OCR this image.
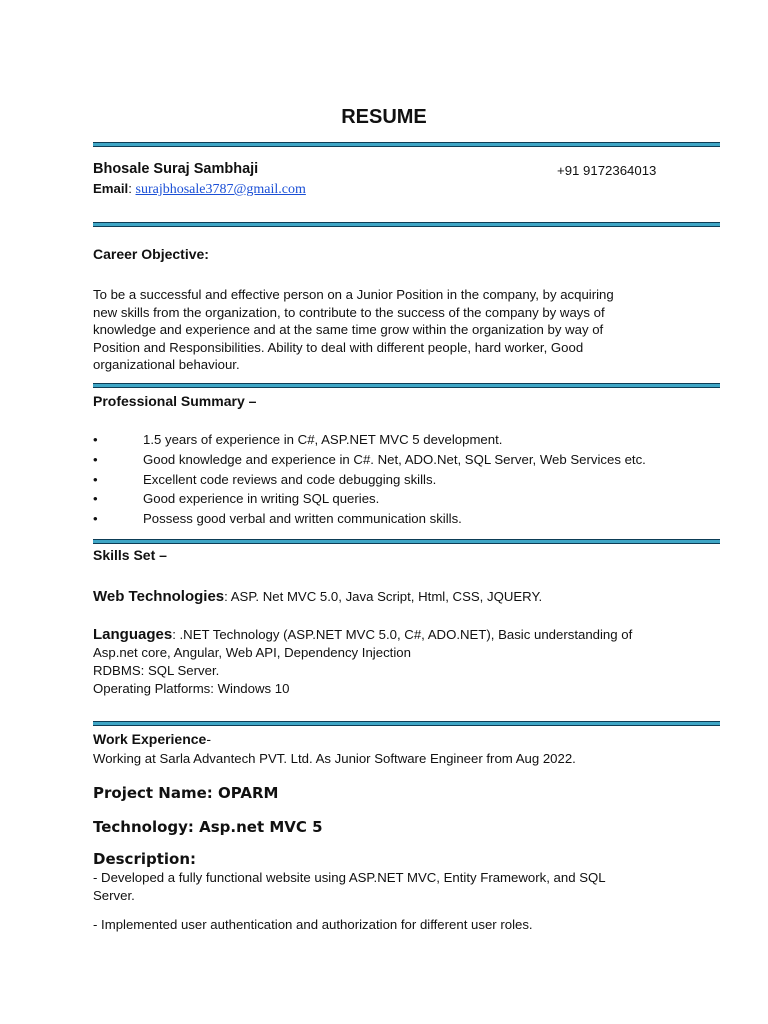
RESUME
Bhosale Suraj Sambhaji	+91 9172364013
Email: surajbhosale3787@gmail.com
Career Objective:
To be a successful and effective person on a Junior Position in the company, by acquiring
new skills from the organization, to contribute to the success of the company by ways of
knowledge and experience and at the same time grow within the organization by way of
Position and Responsibilities. Ability to deal with different people, hard worker, Good
organizational behaviour.
Professional Summary –
•	1.5 years of experience in C#, ASP.NET MVC 5 development.
•	Good knowledge and experience in C#. Net, ADO.Net, SQL Server, Web Services etc.
•	Excellent code reviews and code debugging skills.
•	Good experience in writing SQL queries.
•	Possess good verbal and written communication skills.
Skills Set –
Web Technologies: ASP. Net MVC 5.0, Java Script, Html, CSS, JQUERY.
Languages: .NET Technology (ASP.NET MVC 5.0, C#, ADO.NET), Basic understanding of
Asp.net core, Angular, Web API, Dependency Injection
RDBMS: SQL Server.
Operating Platforms: Windows 10
Work Experience-
Working at Sarla Advantech PVT. Ltd. As Junior Software Engineer from Aug 2022.
Project Name: OPARM
Technology: Asp.net MVC 5
Description:
- Developed a fully functional website using ASP.NET MVC, Entity Framework, and SQL
Server.
- Implemented user authentication and authorization for different user roles.
